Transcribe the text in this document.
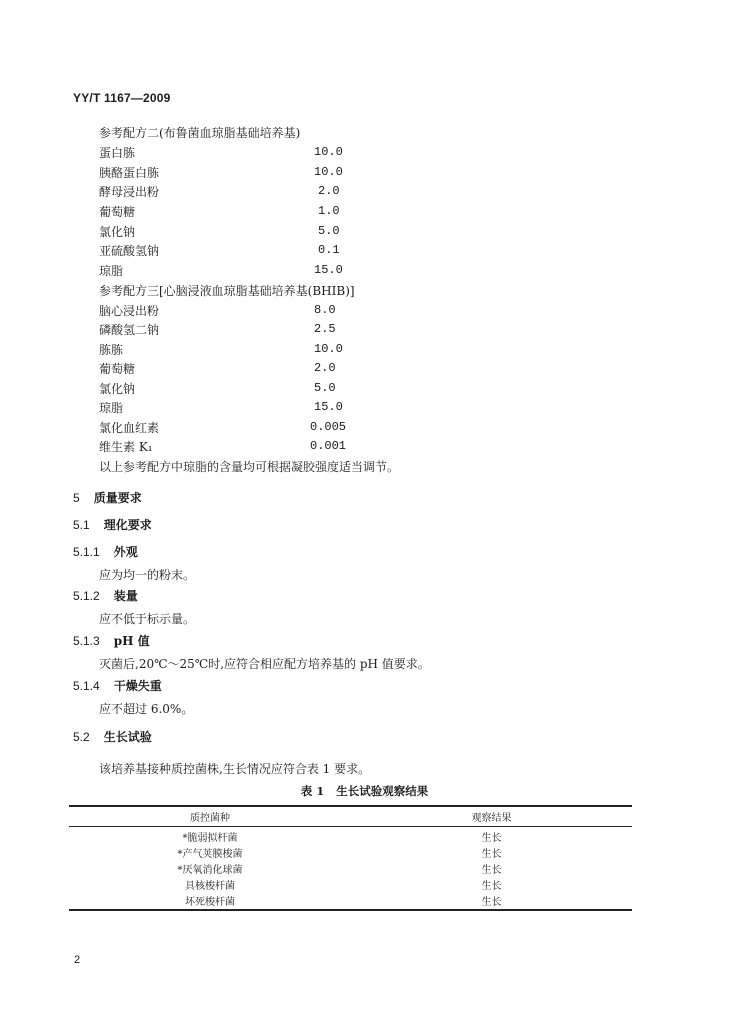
YY/T 1167—2009
参考配方二(布鲁菌血琼脂基础培养基)
蛋白胨	10.0
胰酪蛋白胨	10.0
酵母浸出粉	2.0
葡萄糖	1.0
氯化钠	5.0
亚硫酸氢钠	0.1
琼脂	15.0
参考配方三[心脑浸液血琼脂基础培养基(BHIB)]
脑心浸出粉	8.0
磷酸氢二钠	2.5
胨胨	10.0
葡萄糖	2.0
氯化钠	5.0
琼脂	15.0
氯化血红素	0.005
维生素 K₁	0.001
以上参考配方中琼脂的含量均可根据凝胶强度适当调节。
5 质量要求
5.1 理化要求
5.1.1 外观
应为均一的粉末。
5.1.2 装量
应不低于标示量。
5.1.3 pH 值
灭菌后,20℃～25℃时,应符合相应配方培养基的 pH 值要求。
5.1.4 干燥失重
应不超过 6.0%。
5.2 生长试验
该培养基接种质控菌株,生长情况应符合表 1 要求。
表 1 生长试验观察结果
质控菌种	观察结果
*脆弱拟杆菌	生长
*产气荚膜梭菌	生长
*厌氧消化球菌	生长
具核梭杆菌	生长
坏死梭杆菌	生长
2
